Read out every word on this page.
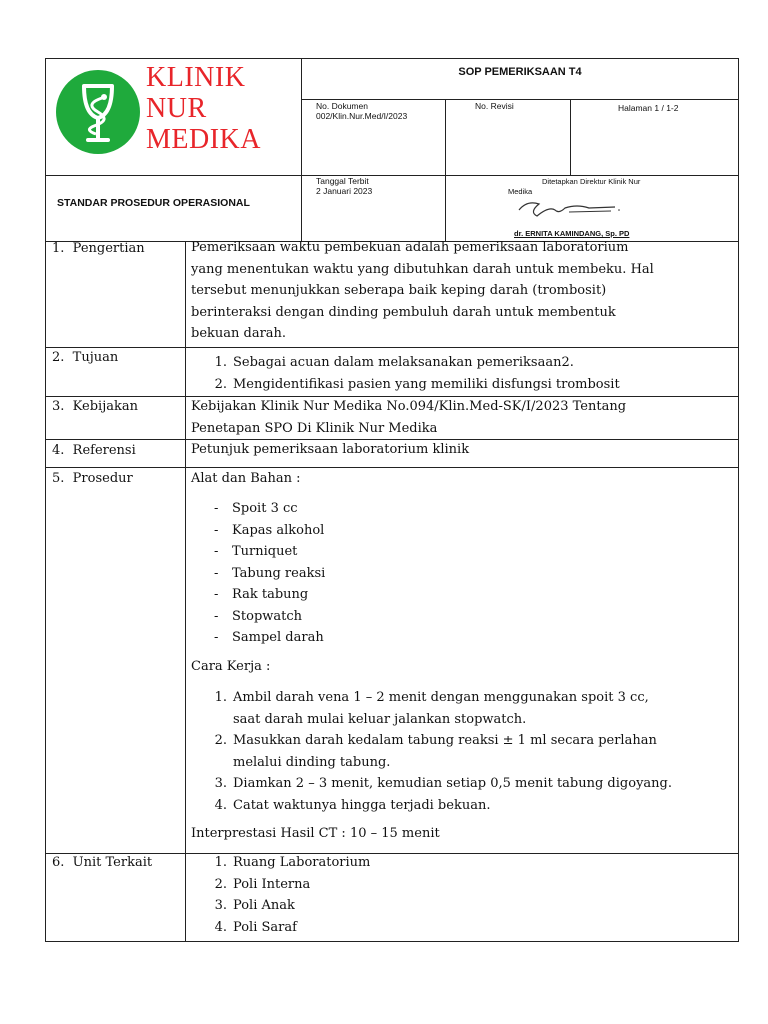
KLINIK
NUR
MEDIKA
SOP PEMERIKSAAN T4
No. Dokumen
002/Klin.Nur.Med/I/2023
No. Revisi	Halaman 1 / 1-2
STANDAR PROSEDUR OPERASIONAL
Tanggal Terbit
2 Januari 2023
Ditetapkan Direktur Klinik Nur
Medika
dr. ERNITA KAMINDANG, Sp. PD
1.  Pengertian	Pemeriksaan waktu pembekuan adalah pemeriksaan laboratorium
yang menentukan waktu yang dibutuhkan darah untuk membeku. Hal
tersebut menunjukkan seberapa baik keping darah (trombosit)
berinteraksi dengan dinding pembuluh darah untuk membentuk
bekuan darah.
2.  Tujuan	1. Sebagai acuan dalam melaksanakan pemeriksaan2.
2. Mengidentifikasi pasien yang memiliki disfungsi trombosit
3.  Kebijakan	Kebijakan Klinik Nur Medika No.094/Klin.Med-SK/I/2023 Tentang
Penetapan SPO Di Klinik Nur Medika
4.  Referensi	Petunjuk pemeriksaan laboratorium klinik
5.  Prosedur	Alat dan Bahan :
- Spoit 3 cc
- Kapas alkohol
- Turniquet
- Tabung reaksi
- Rak tabung
- Stopwatch
- Sampel darah
Cara Kerja :
1. Ambil darah vena 1 – 2 menit dengan menggunakan spoit 3 cc,
saat darah mulai keluar jalankan stopwatch.
2. Masukkan darah kedalam tabung reaksi ± 1 ml secara perlahan
melalui dinding tabung.
3. Diamkan 2 – 3 menit, kemudian setiap 0,5 menit tabung digoyang.
4. Catat waktunya hingga terjadi bekuan.
Interprestasi Hasil CT : 10 – 15 menit
6.  Unit Terkait	1. Ruang Laboratorium
2. Poli Interna
3. Poli Anak
4. Poli Saraf
